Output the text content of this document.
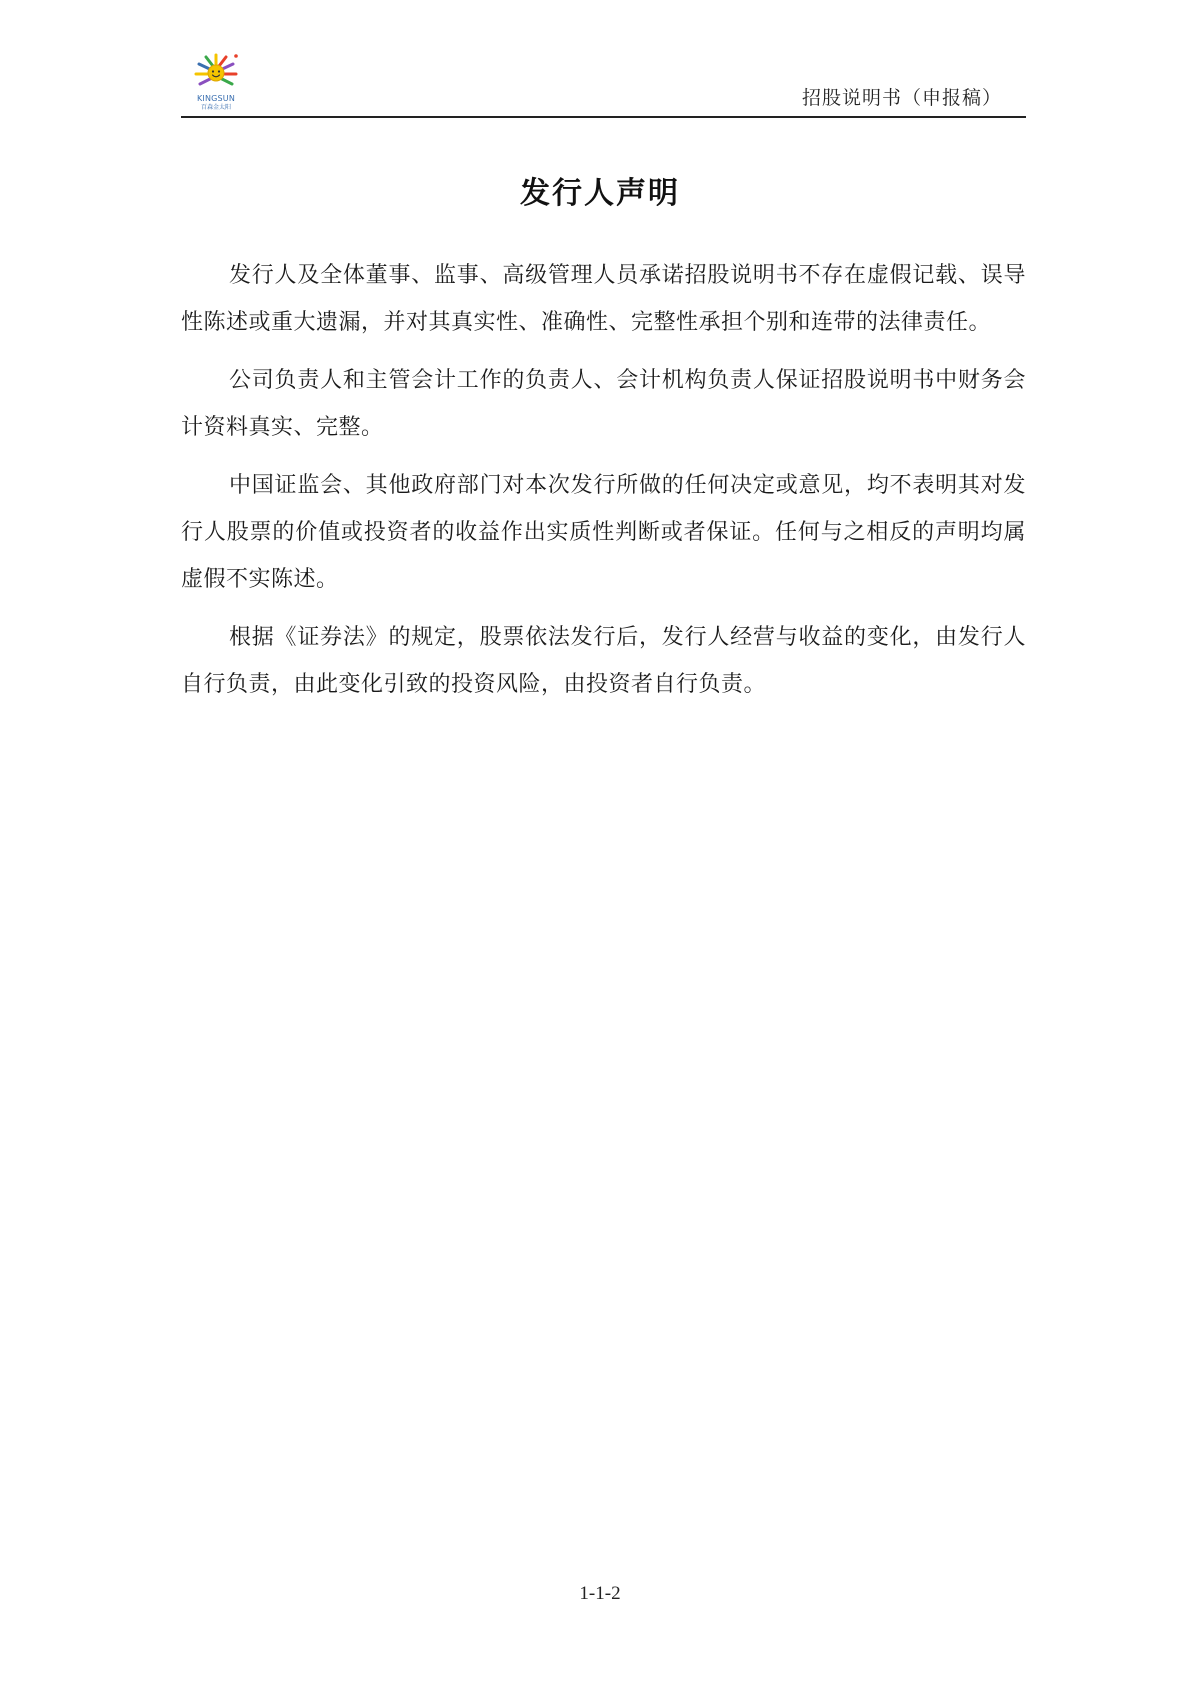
KINGSUN
百森金太阳	招股说明书（申报稿）
发行人声明

发行人及全体董事、监事、高级管理人员承诺招股说明书不存在虚假记载、误导性陈述或重大遗漏，并对其真实性、准确性、完整性承担个别和连带的法律责任。

公司负责人和主管会计工作的负责人、会计机构负责人保证招股说明书中财务会计资料真实、完整。

中国证监会、其他政府部门对本次发行所做的任何决定或意见，均不表明其对发行人股票的价值或投资者的收益作出实质性判断或者保证。任何与之相反的声明均属虚假不实陈述。

根据《证券法》的规定，股票依法发行后，发行人经营与收益的变化，由发行人自行负责，由此变化引致的投资风险，由投资者自行负责。

1-1-2
